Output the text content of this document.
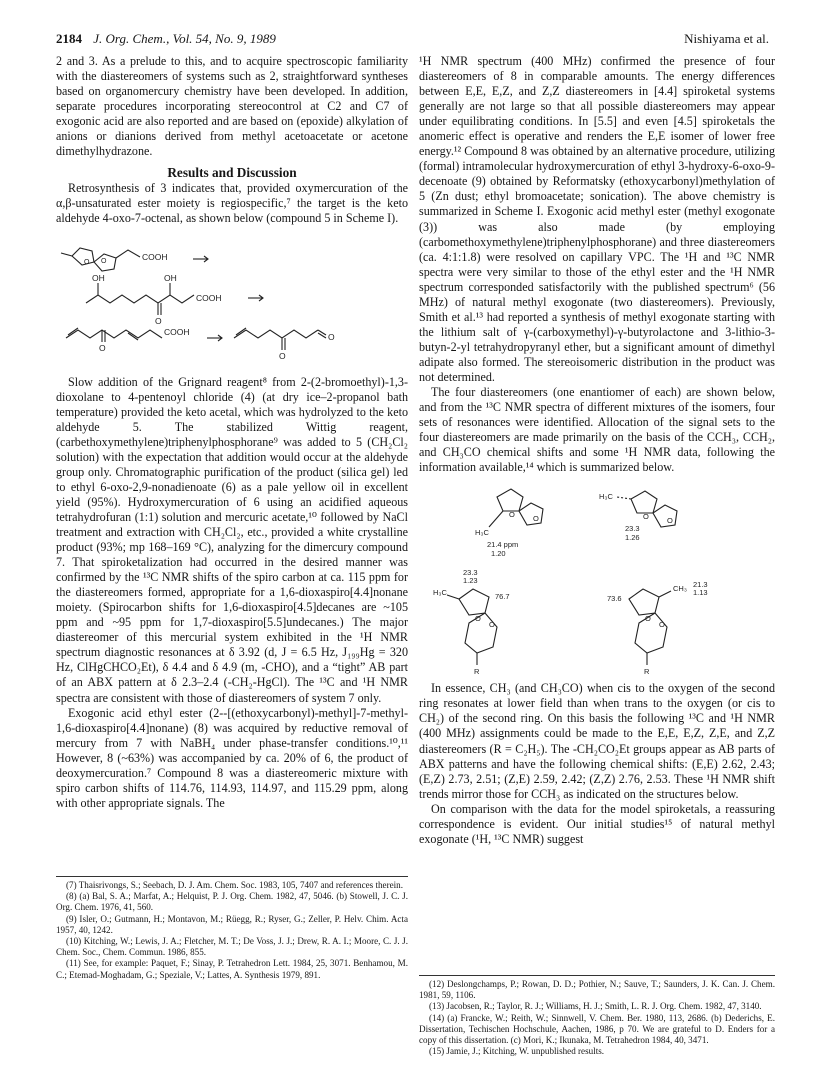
2184 J. Org. Chem., Vol. 54, No. 9, 1989	Nishiyama et al.

2 and 3. As a prelude to this, and to acquire spectroscopic familiarity with the diastereomers of systems such as 2, straightforward syntheses based on organomercury chemistry have been developed. In addition, separate procedures incorporating stereocontrol at C2 and C7 of exogonic acid are also reported and are based on (epoxide) alkylation of anions or dianions derived from methyl acetoacetate or acetone dimethylhydrazone.

Results and Discussion

Retrosynthesis of 3 indicates that, provided oxymercuration of the α,β-unsaturated ester moiety is regiospecific,⁷ the target is the keto aldehyde 4-oxo-7-octenal, as shown below (compound 5 in Scheme I).

COOH
O O
OH	OH
O
COOH
COOH
O
O
O

Slow addition of the Grignard reagent⁸ from 2-(2-bromoethyl)-1,3-dioxolane to 4-pentenoyl chloride (4) (at dry ice–2-propanol bath temperature) provided the keto acetal, which was hydrolyzed to the keto aldehyde 5. The stabilized Wittig reagent, (carbethoxymethylene)triphenylphosphorane⁹ was added to 5 (CH₂Cl₂ solution) with the expectation that addition would occur at the aldehyde group only. Chromatographic purification of the product (silica gel) led to ethyl 6-oxo-2,9-nonadienoate (6) as a pale yellow oil in excellent yield (95%). Hydroxymercuration of 6 using an acidified aqueous tetrahydrofuran (1:1) solution and mercuric acetate,¹⁰ followed by NaCl treatment and extraction with CH₂Cl₂, etc., provided a white crystalline product (93%; mp 168–169 °C), analyzing for the dimercury compound 7. That spiroketalization had occurred in the desired manner was confirmed by the ¹³C NMR shifts of the spiro carbon at ca. 115 ppm for the diastereomers formed, appropriate for a 1,6-dioxaspiro[4.4]nonane moiety. (Spirocarbon shifts for 1,6-dioxaspiro[4.5]decanes are ~105 ppm and ~95 ppm for 1,7-dioxaspiro[5.5]undecanes.) The major diastereomer of this mercurial system exhibited in the ¹H NMR spectrum diagnostic resonances at δ 3.92 (d, J = 6.5 Hz, J₁₉₉Hg = 320 Hz, ClHgCHCO₂Et), δ 4.4 and δ 4.9 (m, -CHO), and a “tight” AB part of an ABX pattern at δ 2.3–2.4 (-CH₂-HgCl). The ¹³C and ¹H NMR spectra are consistent with those of diastereomers of system 7 only.

Exogonic acid ethyl ester (2--[(ethoxycarbonyl)-methyl]-7-methyl-1,6-dioxaspiro[4.4]nonane) (8) was acquired by reductive removal of mercury from 7 with NaBH₄ under phase-transfer conditions.¹⁰,¹¹ However, 8 (~63%) was accompanied by ca. 20% of 6, the product of deoxymercuration.⁷ Compound 8 was a diastereomeric mixture with spiro carbon shifts of 114.76, 114.93, 114.97, and 115.29 ppm, along with other appropriate signals. The

(7) Thaisrivongs, S.; Seebach, D. J. Am. Chem. Soc. 1983, 105, 7407 and references therein.

(8) (a) Bal, S. A.; Marfat, A.; Helquist, P. J. Org. Chem. 1982, 47, 5046. (b) Stowell, J. C. J. Org. Chem. 1976, 41, 560.

(9) Isler, O.; Gutmann, H.; Montavon, M.; Rüegg, R.; Ryser, G.; Zeller, P. Helv. Chim. Acta 1957, 40, 1242.

(10) Kitching, W.; Lewis, J. A.; Fletcher, M. T.; De Voss, J. J.; Drew, R. A. I.; Moore, C. J. J. Chem. Soc., Chem. Commun. 1986, 855.

(11) See, for example: Paquet, F.; Sinay, P. Tetrahedron Lett. 1984, 25, 3071. Benhamou, M. C.; Etemad-Moghadam, G.; Speziale, V.; Lattes, A. Synthesis 1979, 891.

¹H NMR spectrum (400 MHz) confirmed the presence of four diastereomers of 8 in comparable amounts. The energy differences between E,E, E,Z, and Z,Z diastereomers in [4.4] spiroketal systems generally are not large so that all possible diastereomers may appear under equilibrating conditions. In [5.5] and even [4.5] spiroketals the anomeric effect is operative and renders the E,E isomer of lower free energy.¹² Compound 8 was obtained by an alternative procedure, utilizing (formal) intramolecular hydroxymercuration of ethyl 3-hydroxy-6-oxo-9-decenoate (9) obtained by Reformatsky (ethoxycarbonyl)methylation of 5 (Zn dust; ethyl bromoacetate; sonication). The above chemistry is summarized in Scheme I. Exogonic acid methyl ester (methyl exogonate (3)) was also made (by employing (carbomethoxymethylene)triphenylphosphorane) and three diastereomers (ca. 4:1:1.8) were resolved on capillary VPC. The ¹H and ¹³C NMR spectra were very similar to those of the ethyl ester and the ¹H NMR spectrum corresponded satisfactorily with the published spectrum⁶ (56 MHz) of natural methyl exogonate (two diastereomers). Previously, Smith et al.¹³ had reported a synthesis of methyl exogonate starting with the lithium salt of γ-(carboxymethyl)-γ-butyrolactone and 3-lithio-3-butyn-2-yl tetrahydropyranyl ether, but a significant amount of dimethyl adipate also formed. The stereoisomeric distribution in the product was not determined.

The four diastereomers (one enantiomer of each) are shown below, and from the ¹³C NMR spectra of different mixtures of the isomers, four sets of resonances were identified. Allocation of the signal sets to the four diastereomers are made primarily on the basis of the CCH₃, CCH₂, and CH₃CO chemical shifts and some ¹H NMR data, following the information available,¹⁴ which is summarized below.

H₃C
21.4 ppm
1.20
O O
H₃C
23.3
1.26
O O
23.3
1.23
H₃C	76.7
O
O
R
73.6
CH₃ 21.3
1.13
O
O
R

In essence, CH₃ (and CH₃CO) when cis to the oxygen of the second ring resonates at lower field than when trans to the oxygen (or cis to CH₂) of the second ring. On this basis the following ¹³C and ¹H NMR (400 MHz) assignments could be made to the E,E, E,Z, Z,E, and Z,Z diastereomers (R = C₂H₅). The -CH₂CO₂Et groups appear as AB parts of ABX patterns and have the following chemical shifts: (E,E) 2.62, 2.43; (E,Z) 2.73, 2.51; (Z,E) 2.59, 2.42; (Z,Z) 2.76, 2.53. These ¹H NMR shift trends mirror those for CCH₃ as indicated on the structures below.

On comparison with the data for the model spiroketals, a reassuring correspondence is evident. Our initial studies¹⁵ of natural methyl exogonate (¹H, ¹³C NMR) suggest

(12) Deslongchamps, P.; Rowan, D. D.; Pothier, N.; Sauve, T.; Saunders, J. K. Can. J. Chem. 1981, 59, 1106.

(13) Jacobsen, R.; Taylor, R. J.; Williams, H. J.; Smith, L. R. J. Org. Chem. 1982, 47, 3140.

(14) (a) Francke, W.; Reith, W.; Sinnwell, V. Chem. Ber. 1980, 113, 2686. (b) Dederichs, E. Dissertation, Techischen Hochschule, Aachen, 1986, p 70. We are grateful to D. Enders for a copy of this dissertation. (c) Mori, K.; Ikunaka, M. Tetrahedron 1984, 40, 3471.

(15) Jamie, J.; Kitching, W. unpublished results.
